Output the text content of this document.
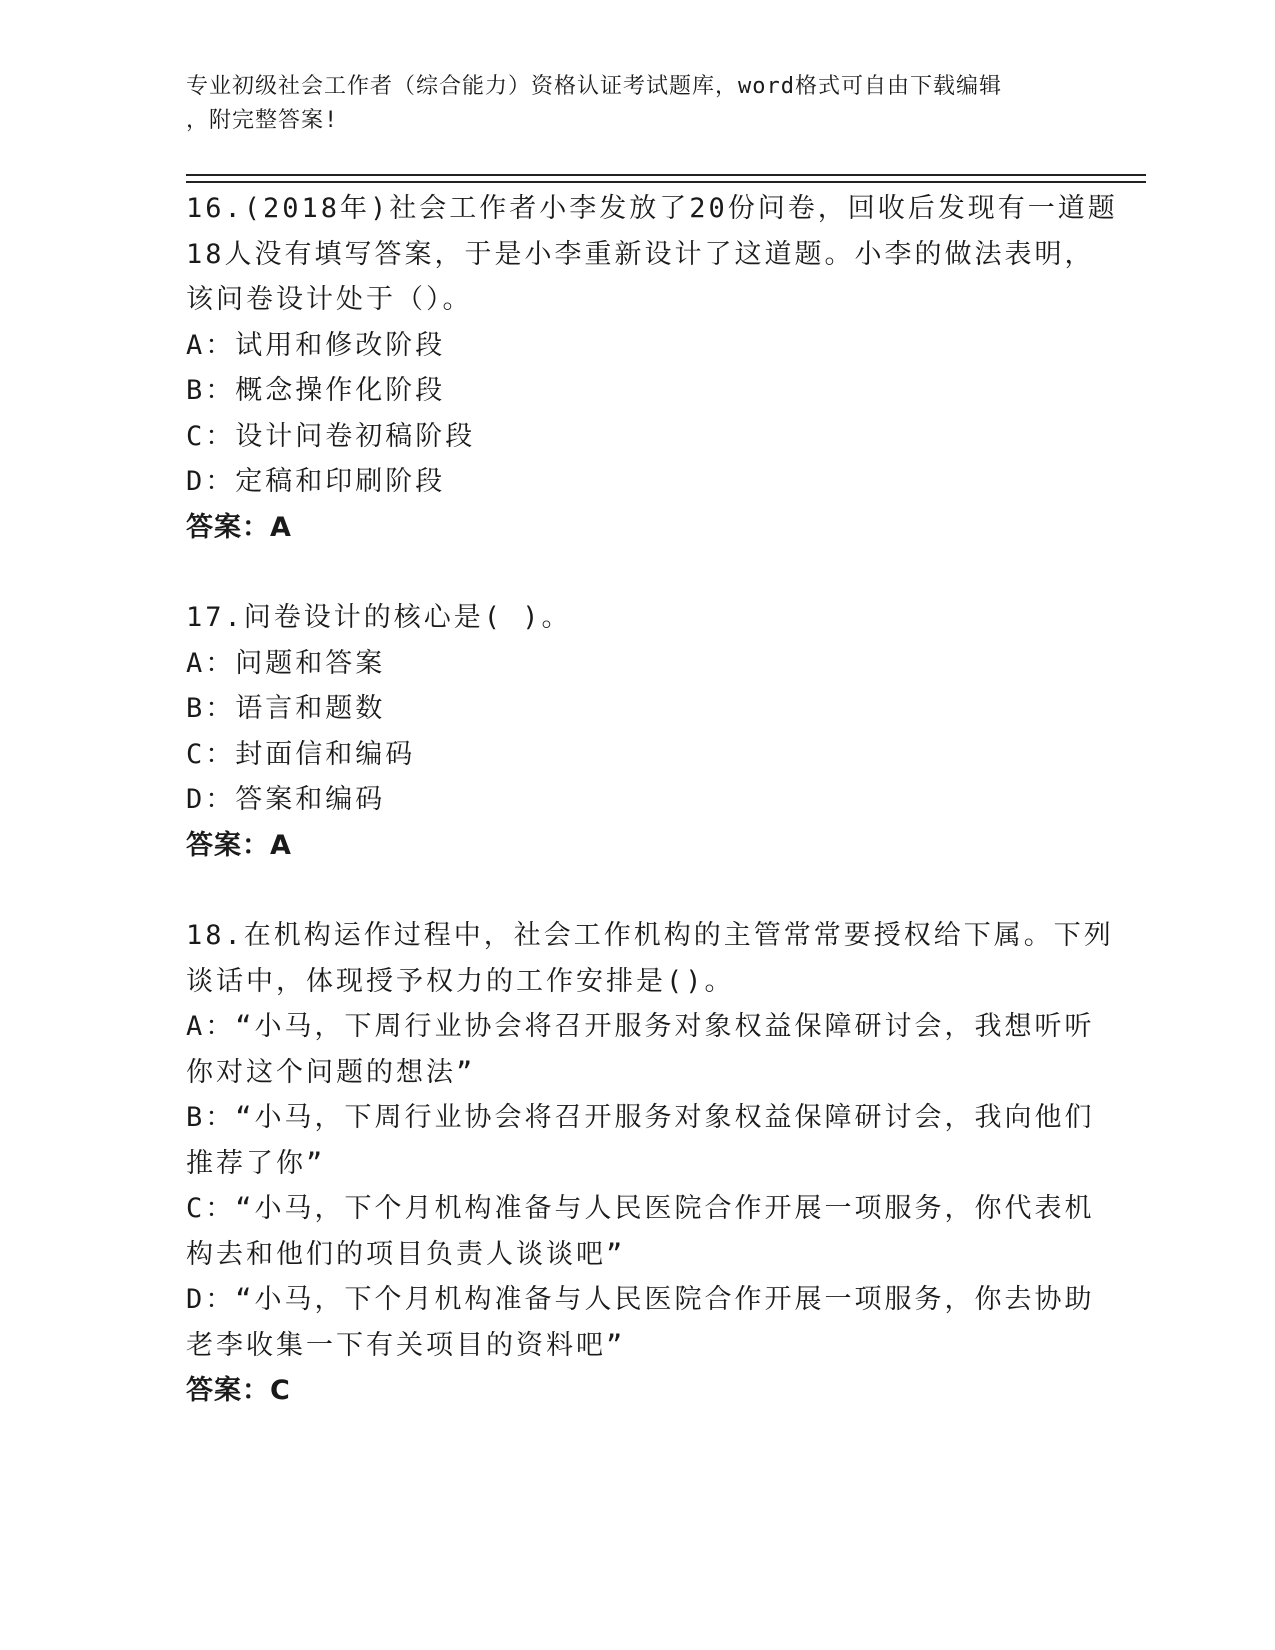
专业初级社会工作者（综合能力）资格认证考试题库，word格式可自由下载编辑
，附完整答案!
16.(2018年)社会工作者小李发放了20份问卷，回收后发现有一道题
18人没有填写答案，于是小李重新设计了这道题。小李的做法表明，
该问卷设计处于（）。
A：试用和修改阶段
B：概念操作化阶段
C：设计问卷初稿阶段
D：定稿和印刷阶段
答案：A
17.问卷设计的核心是( )。
A：问题和答案
B：语言和题数
C：封面信和编码
D：答案和编码
答案：A
18.在机构运作过程中，社会工作机构的主管常常要授权给下属。下列
谈话中，体现授予权力的工作安排是()。
A：“小马，下周行业协会将召开服务对象权益保障研讨会，我想听听
你对这个问题的想法”
B：“小马，下周行业协会将召开服务对象权益保障研讨会，我向他们
推荐了你”
C：“小马，下个月机构准备与人民医院合作开展一项服务，你代表机
构去和他们的项目负责人谈谈吧”
D：“小马，下个月机构准备与人民医院合作开展一项服务，你去协助
老李收集一下有关项目的资料吧”
答案：C
